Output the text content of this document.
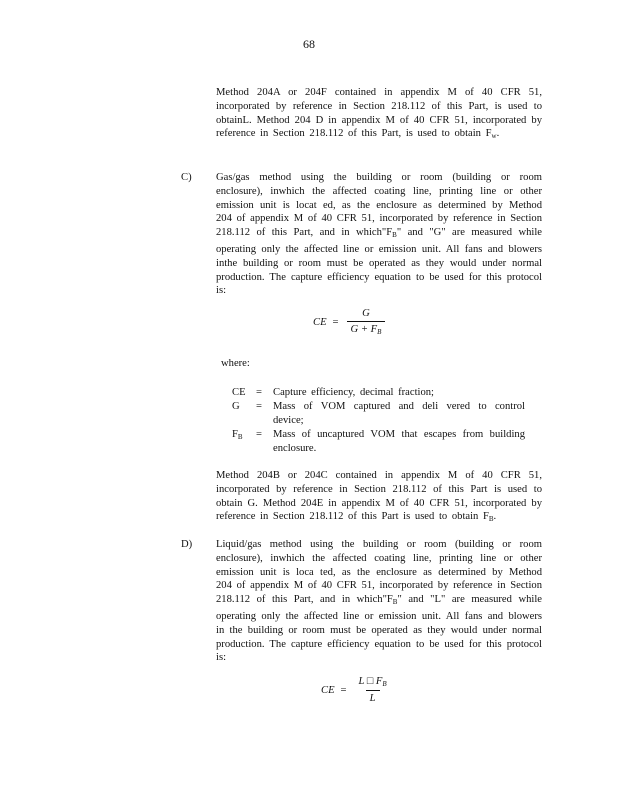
68

Method 204A or 204F contained in appendix M of 40 CFR 51, incorporated by reference in Section 218.112 of this Part, is used to obtainL. Method 204 D in appendix M of 40 CFR 51, incorporated by reference in Section 218.112 of this Part, is used to obtain $F_w$.

C) Gas/gas method using the building or room (building or room enclosure), inwhich the affected coating line, printing line or other emission unit is locat ed, as the enclosure as determined by Method 204 of appendix M of 40 CFR 51, incorporated by reference in Section 218.112 of this Part, and in $which"F_B$" and "G" are measured while operating only the affected line or emission unit. All fans and blowers inthe building or room must be operated as they would under normal production. The capture efficiency equation to be used for this protocol is:

CE = $\frac{G}{G + F_B}$
where:
CE = Capture efficiency, decimal fraction;
G = Mass of VOM captured and deli vered to control device;
$F_B$ = Mass of uncaptured VOM that escapes from building enclosure.

Method 204B or 204C contained in appendix M of 40 CFR 51, incorporated by reference in Section 218.112 of this Part is used to obtain G. Method 204E in appendix M of 40 CFR 51, incorporated by reference in Section 218.112 of this Part is used to obtain $F_B$.

D) Liquid/gas method using the building or room (building or room enclosure), inwhich the affected coating line, printing line or other emission unit is loca ted, as the enclosure as determined by Method 204 of appendix M of 40 CFR 51, incorporated by reference in Section 218.112 of this Part, and in $which"F_B$" and "L" are measured while operating only the affected line or emission unit. All fans and blowers in the building or room must be operated as they would under normal production. The capture efficiency equation to be used for this protocol is:

CE = $\frac{L □ F_B}{L}$
